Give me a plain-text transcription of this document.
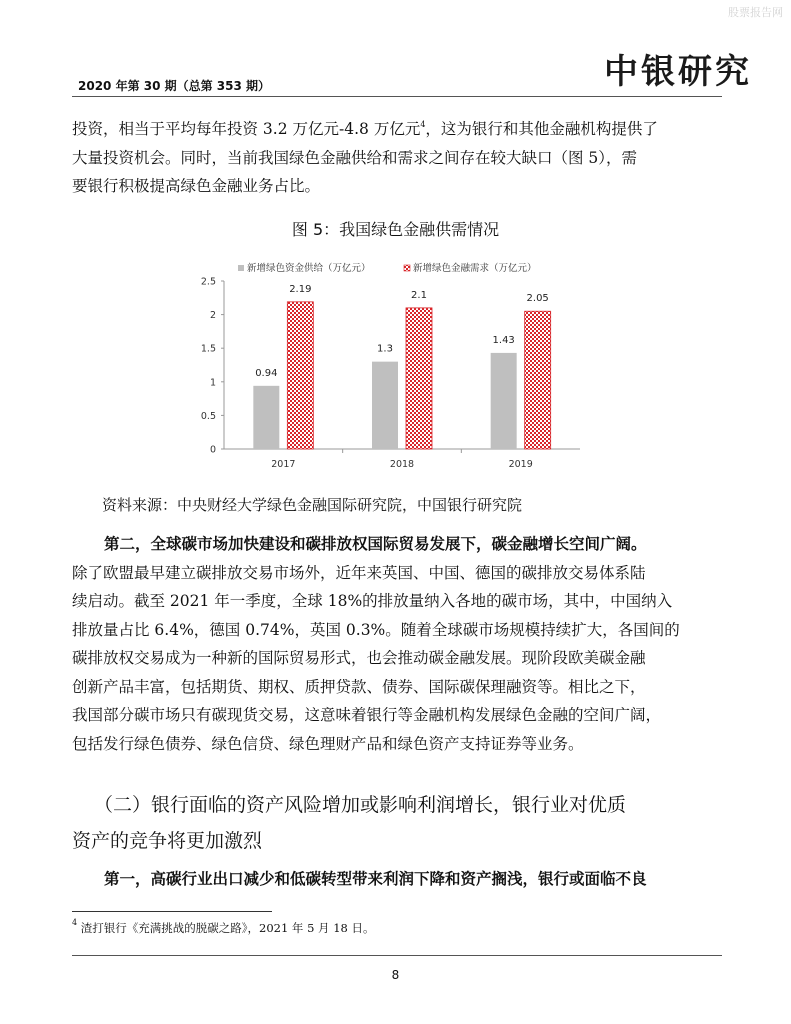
股票报告网
2020 年第 30 期（总第 353 期）	中银研究

投资，相当于平均每年投资 3.2 万亿元-4.8 万亿元$^4$，这为银行和其他金融机构提供了

大量投资机会。同时，当前我国绿色金融供给和需求之间存在较大缺口（图 5），需

要银行积极提高绿色金融业务占比。

图 5：我国绿色金融供需情况
新增绿色资金供给（万亿元）	新增绿色金融需求（万亿元）
0
0.5
1
1.5
2
2.5
0.94
2.19
1.3
2.1
1.43
2.05
2017	2018	2019
资料来源：中央财经大学绿色金融国际研究院，中国银行研究院

第二，全球碳市场加快建设和碳排放权国际贸易发展下，碳金融增长空间广阔。

除了欧盟最早建立碳排放交易市场外，近年来英国、中国、德国的碳排放交易体系陆

续启动。截至 2021 年一季度，全球 18%的排放量纳入各地的碳市场，其中，中国纳入

排放量占比 6.4%，德国 0.74%，英国 0.3%。随着全球碳市场规模持续扩大，各国间的

碳排放权交易成为一种新的国际贸易形式，也会推动碳金融发展。现阶段欧美碳金融

创新产品丰富，包括期货、期权、质押贷款、债券、国际碳保理融资等。相比之下，

我国部分碳市场只有碳现货交易，这意味着银行等金融机构发展绿色金融的空间广阔，

包括发行绿色债券、绿色信贷、绿色理财产品和绿色资产支持证券等业务。

（二）银行面临的资产风险增加或影响利润增长，银行业对优质

资产的竞争将更加激烈

第一，高碳行业出口减少和低碳转型带来利润下降和资产搁浅，银行或面临不良
$^4$ 渣打银行《充满挑战的脱碳之路》，2021 年 5 月 18 日。
8
